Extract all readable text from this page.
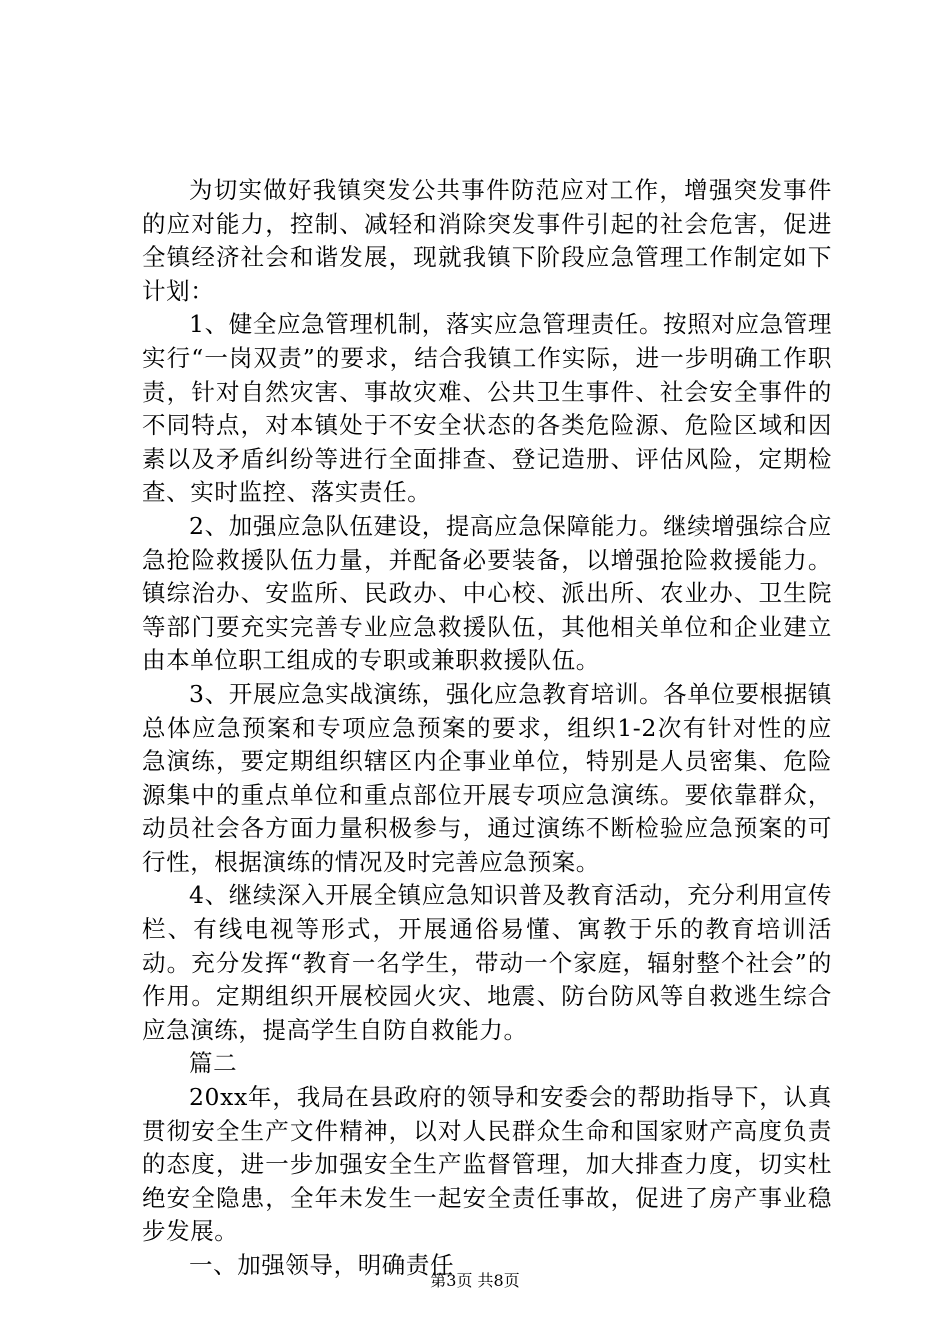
为切实做好我镇突发公共事件防范应对工作，增强突发事件的应对能力，控制、减轻和消除突发事件引起的社会危害，促进全镇经济社会和谐发展，现就我镇下阶段应急管理工作制定如下计划：

1、健全应急管理机制，落实应急管理责任。按照对应急管理实行“一岗双责”的要求，结合我镇工作实际，进一步明确工作职责，针对自然灾害、事故灾难、公共卫生事件、社会安全事件的不同特点，对本镇处于不安全状态的各类危险源、危险区域和因素以及矛盾纠纷等进行全面排查、登记造册、评估风险，定期检查、实时监控、落实责任。

2、加强应急队伍建设，提高应急保障能力。继续增强综合应急抢险救援队伍力量，并配备必要装备，以增强抢险救援能力。镇综治办、安监所、民政办、中心校、派出所、农业办、卫生院等部门要充实完善专业应急救援队伍，其他相关单位和企业建立由本单位职工组成的专职或兼职救援队伍。

3、开展应急实战演练，强化应急教育培训。各单位要根据镇总体应急预案和专项应急预案的要求，组织1-2次有针对性的应急演练，要定期组织辖区内企事业单位，特别是人员密集、危险源集中的重点单位和重点部位开展专项应急演练。要依靠群众，动员社会各方面力量积极参与，通过演练不断检验应急预案的可行性，根据演练的情况及时完善应急预案。

4、继续深入开展全镇应急知识普及教育活动，充分利用宣传栏、有线电视等形式，开展通俗易懂、寓教于乐的教育培训活动。充分发挥“教育一名学生，带动一个家庭，辐射整个社会”的作用。定期组织开展校园火灾、地震、防台防风等自救逃生综合应急演练，提高学生自防自救能力。

篇二

20xx年，我局在县政府的领导和安委会的帮助指导下，认真贯彻安全生产文件精神，以对人民群众生命和国家财产高度负责的态度，进一步加强安全生产监督管理，加大排查力度，切实杜绝安全隐患，全年未发生一起安全责任事故，促进了房产事业稳步发展。

一、加强领导，明确责任

第3页 共8页
